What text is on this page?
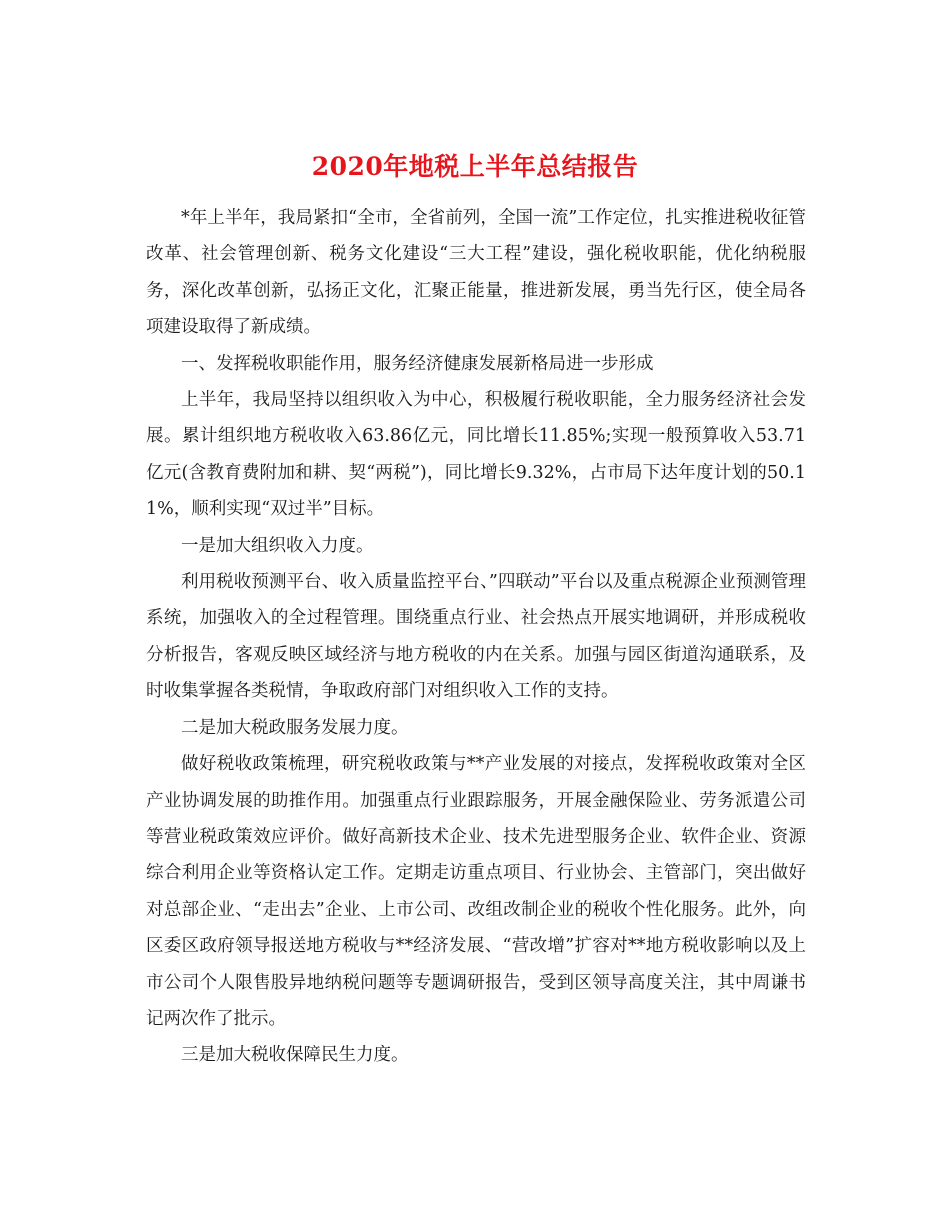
2020年地税上半年总结报告

*年上半年，我局紧扣“全市，全省前列，全国一流”工作定位，扎实推进税收征管改革、社会管理创新、税务文化建设“三大工程”建设，强化税收职能，优化纳税服务，深化改革创新，弘扬正文化，汇聚正能量，推进新发展，勇当先行区，使全局各项建设取得了新成绩。

一、发挥税收职能作用，服务经济健康发展新格局进一步形成

上半年，我局坚持以组织收入为中心，积极履行税收职能，全力服务经济社会发展。累计组织地方税收收入63.86亿元，同比增长11.85%;实现一般预算收入53.71亿元(含教育费附加和耕、契“两税”)，同比增长9.32%，占市局下达年度计划的50.11%，顺利实现“双过半”目标。

一是加大组织收入力度。

利用税收预测平台、收入质量监控平台、”四联动”平台以及重点税源企业预测管理系统，加强收入的全过程管理。围绕重点行业、社会热点开展实地调研，并形成税收分析报告，客观反映区域经济与地方税收的内在关系。加强与园区街道沟通联系，及时收集掌握各类税情，争取政府部门对组织收入工作的支持。

二是加大税政服务发展力度。

做好税收政策梳理，研究税收政策与**产业发展的对接点，发挥税收政策对全区产业协调发展的助推作用。加强重点行业跟踪服务，开展金融保险业、劳务派遣公司等营业税政策效应评价。做好高新技术企业、技术先进型服务企业、软件企业、资源综合利用企业等资格认定工作。定期走访重点项目、行业协会、主管部门，突出做好对总部企业、“走出去”企业、上市公司、改组改制企业的税收个性化服务。此外，向区委区政府领导报送地方税收与**经济发展、“营改增”扩容对**地方税收影响以及上市公司个人限售股异地纳税问题等专题调研报告，受到区领导高度关注，其中周谦书记两次作了批示。

三是加大税收保障民生力度。
